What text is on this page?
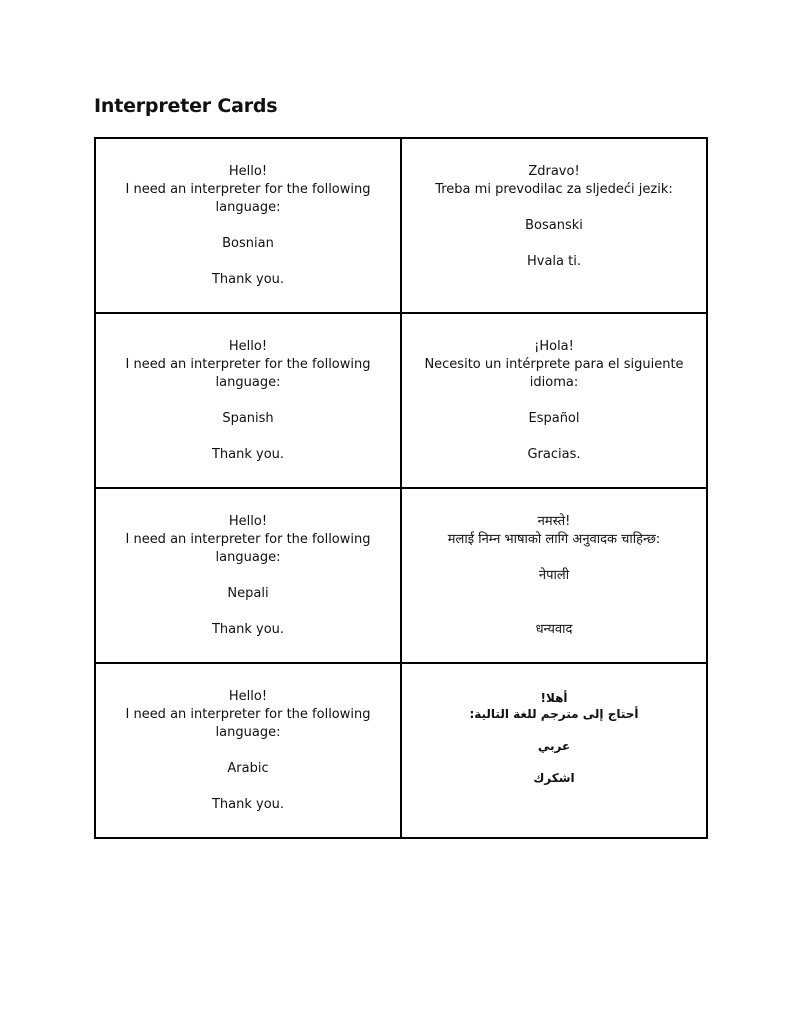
Interpreter Cards
Hello!
I need an interpreter for the following
language:
Bosnian
Thank you.	Zdravo!
Treba mi prevodilac za sljedeći jezik:
Bosanski
Hvala ti.

Hello!
I need an interpreter for the following
language:
Spanish
Thank you.	¡Hola!
Necesito un intérprete para el siguiente
idioma:
Español
Gracias.

Hello!
I need an interpreter for the following
language:
Nepali
Thank you.	नमस्ते!
मलाई निम्न भाषाको लागि अनुवादक चाहिन्छ:
नेपाली
धन्यवाद

Hello!
I need an interpreter for the following
language:
Arabic
Thank you.	أهلا!
أحتاج إلى مترجم للغة التالية:
عربي
اشكرك
